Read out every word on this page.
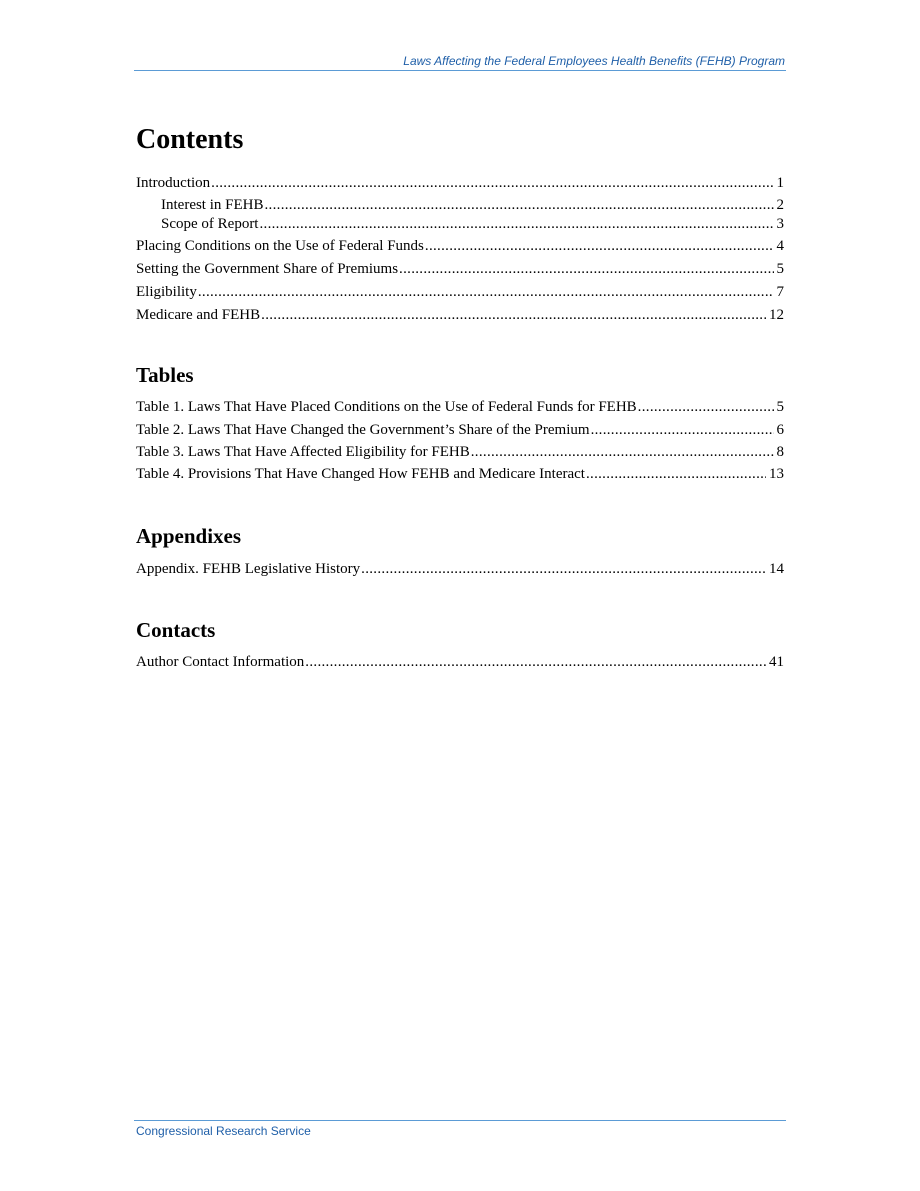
Laws Affecting the Federal Employees Health Benefits (FEHB) Program
Contents
Introduction .....	1
Interest in FEHB .....	2
Scope of Report .....	3
Placing Conditions on the Use of Federal Funds .....	4
Setting the Government Share of Premiums .....	5
Eligibility .....	7
Medicare and FEHB .....	12
Tables
Table 1. Laws That Have Placed Conditions on the Use of Federal Funds for FEHB .....	5
Table 2. Laws That Have Changed the Government’s Share of the Premium .....	6
Table 3. Laws That Have Affected Eligibility for FEHB .....	8
Table 4. Provisions That Have Changed How FEHB and Medicare Interact .....	13
Appendixes
Appendix. FEHB Legislative History .....	14
Contacts
Author Contact Information .....	41
Congressional Research Service
